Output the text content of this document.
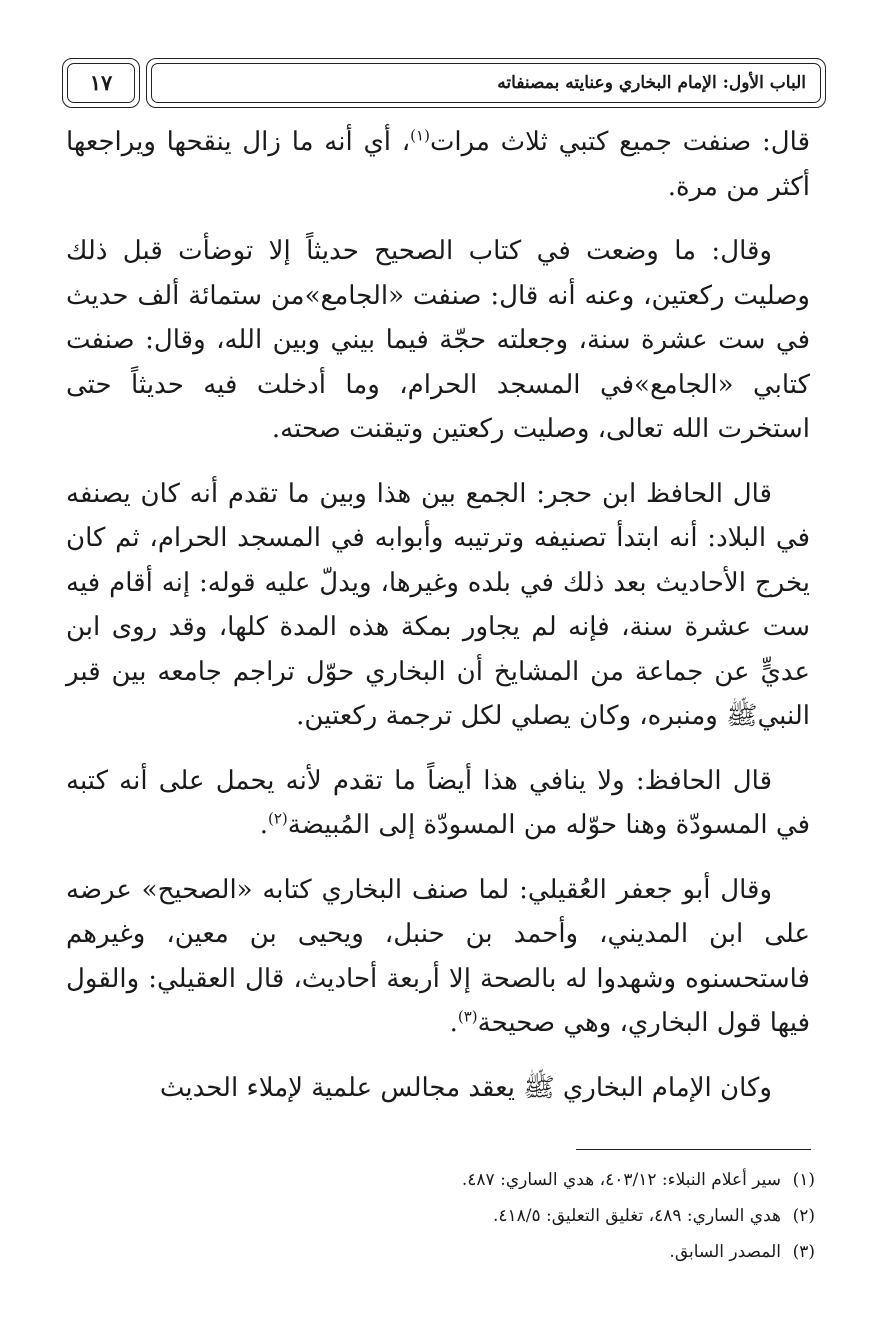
الباب الأول: الإمام البخاري وعنايته بمصنفاته
١٧

قال: صنفت جميع كتبي ثلاث مرات$^{(١)}$، أي أنه ما زال ينقحها ويراجعها أكثر من مرة.

وقال: ما وضعت في كتاب الصحيح حديثاً إلا توضأت قبل ذلك وصليت ركعتين، وعنه أنه قال: صنفت «الجامع»من ستمائة ألف حديث في ست عشرة سنة، وجعلته حجّة فيما بيني وبين الله، وقال: صنفت كتابي «الجامع»في المسجد الحرام، وما أدخلت فيه حديثاً حتى استخرت الله تعالى، وصليت ركعتين وتيقنت صحته.

قال الحافظ ابن حجر: الجمع بين هذا وبين ما تقدم أنه كان يصنفه في البلاد: أنه ابتدأ تصنيفه وترتيبه وأبوابه في المسجد الحرام، ثم كان يخرج الأحاديث بعد ذلك في بلده وغيرها، ويدلّ عليه قوله: إنه أقام فيه ست عشرة سنة، فإنه لم يجاور بمكة هذه المدة كلها، وقد روى ابن عديٍّ عن جماعة من المشايخ أن البخاري حوّل تراجم جامعه بين قبر النبيﷺ ومنبره، وكان يصلي لكل ترجمة ركعتين.

قال الحافظ: ولا ينافي هذا أيضاً ما تقدم لأنه يحمل على أنه كتبه في المسودّة وهنا حوّله من المسودّة إلى المُبيضة$^{(٢)}$.

وقال أبو جعفر العُقيلي: لما صنف البخاري كتابه «الصحيح» عرضه على ابن المديني، وأحمد بن حنبل، ويحيى بن معين، وغيرهم فاستحسنوه وشهدوا له بالصحة إلا أربعة أحاديث، قال العقيلي: والقول فيها قول البخاري، وهي صحيحة$^{(٣)}$.

وكان الإمام البخاري ﷺ يعقد مجالس علمية لإملاء الحديث

(١)سير أعلام النبلاء: ٤٠٣/١٢، هدي الساري: ٤٨٧.
(٢)هدي الساري: ٤٨٩، تغليق التعليق: ٤١٨/٥.
(٣)المصدر السابق.
